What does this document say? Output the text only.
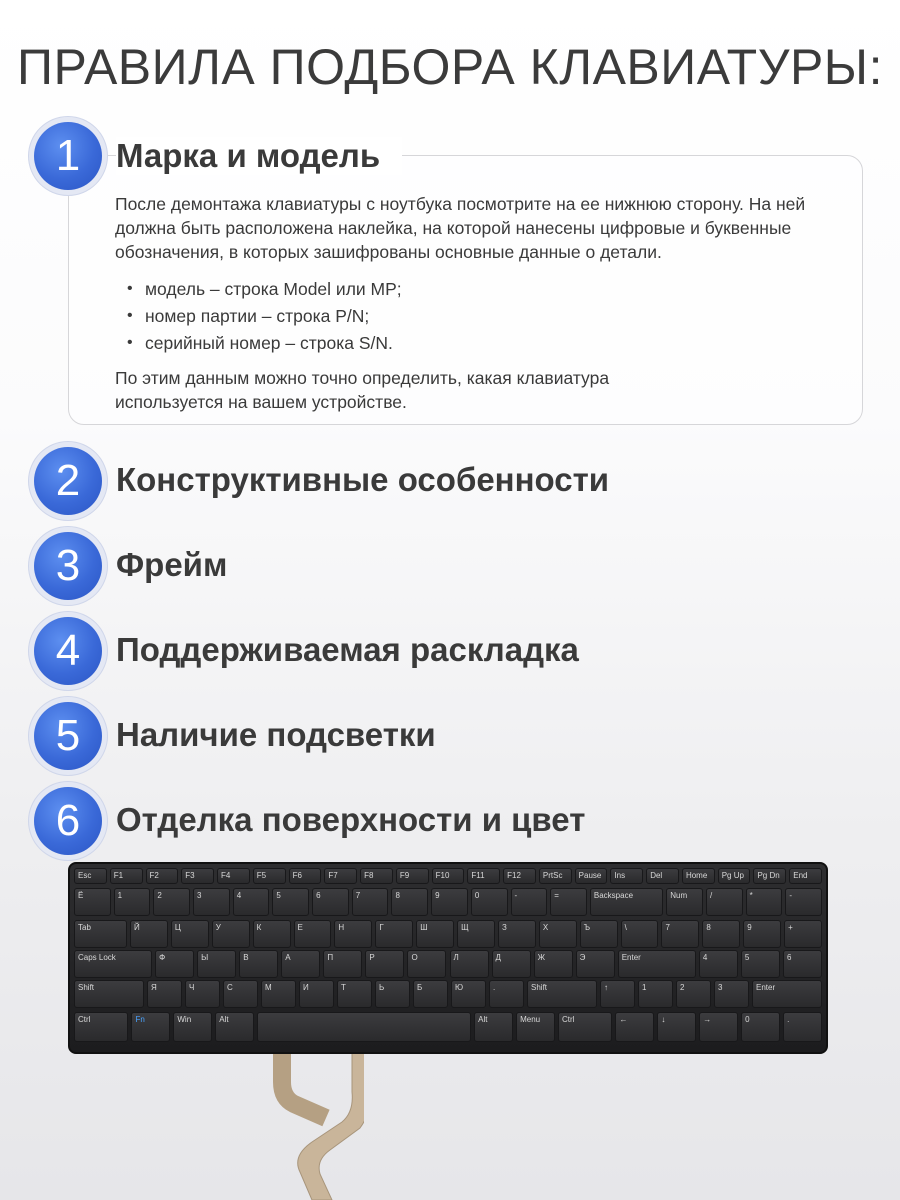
ПРАВИЛА ПОДБОРА КЛАВИАТУРЫ:
1	Марка и модель
После демонтажа клавиатуры с ноутбука посмотрите на ее нижнюю сторону. На ней должна быть расположена наклейка, на которой нанесены цифровые и буквенные обозначения, в которых зашифрованы основные данные о детали.
• модель – строка Model или MP;
• номер партии – строка P/N;
• серийный номер – строка S/N.
По этим данным можно точно определить, какая клавиатура используется на вашем устройстве.
2	Конструктивные особенности
3	Фрейм
4	Поддерживаемая раскладка
5	Наличие подсветки
6	Отделка поверхности и цвет
Esc	F1	F2	F3	F4	F5	F6	F7	F8	F9	F10	F11	F12	PrtSc	Pause	Ins	Del	Home	Pg Up	Pg Dn	End
Ё	1	2	3	4	5	6	7	8	9	0	-	=	Backspace	Num	/	*	-
Tab	Й	Ц	У	К	Е	Н	Г	Ш	Щ	З	Х	Ъ	\	7	8	9	+
Caps Lock	Ф	Ы	В	А	П	Р	О	Л	Д	Ж	Э	Enter	4	5	6
Shift	Я	Ч	С	М	И	Т	Ь	Б	Ю	.	Shift	↑	1	2	3	Enter
Ctrl	Fn	Win	Alt	Alt	Menu	Ctrl	←	↓	→	0	.
